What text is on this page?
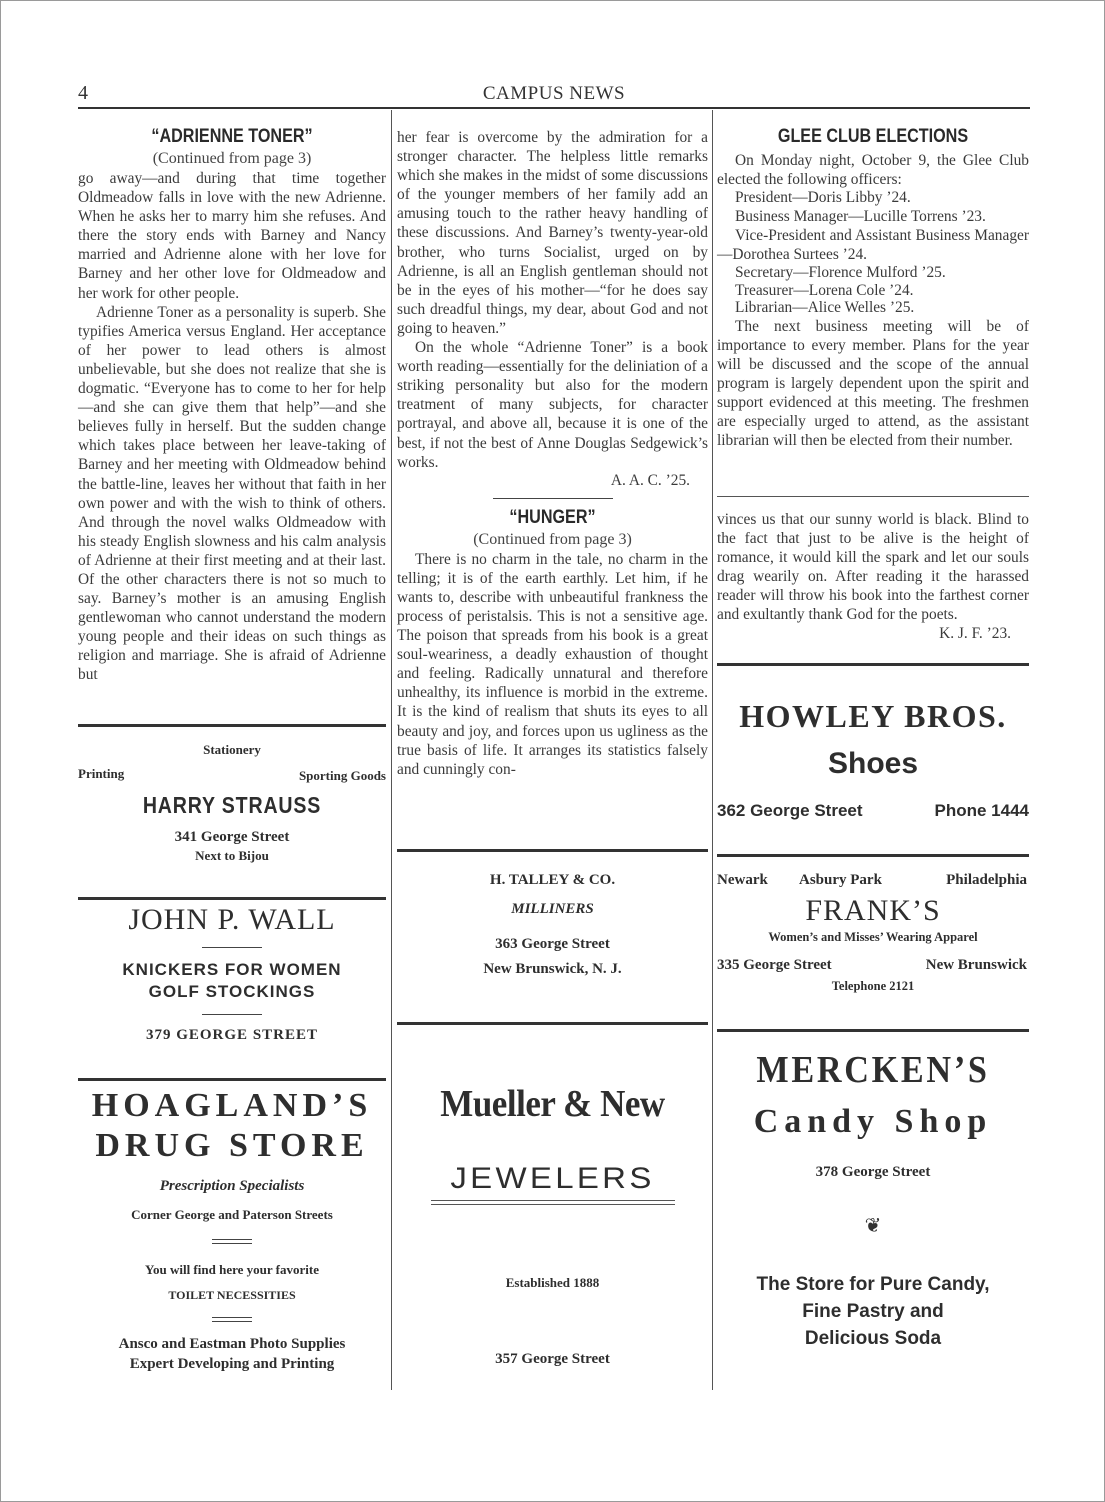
4	CAMPUS NEWS
“ADRIENNE TONER”
(Continued from page 3)

go away—and during that time together Oldmeadow falls in love with the new Adrienne. When he asks her to marry him she refuses. And there the story ends with Barney and Nancy married and Adrienne alone with her love for Barney and her other love for Oldmeadow and her work for other people.

Adrienne Toner as a personality is superb. She typifies America versus England. Her acceptance of her power to lead others is almost unbelievable, but she does not realize that she is dogmatic. “Everyone has to come to her for help—and she can give them that help”—and she believes fully in herself. But the sudden change which takes place between her leave-taking of Barney and her meeting with Oldmeadow behind the battle-line, leaves her without that faith in her own power and with the wish to think of others. And through the novel walks Oldmeadow with his steady English slowness and his calm analysis of Adrienne at their first meeting and at their last. Of the other characters there is not so much to say. Barney’s mother is an amusing English gentlewoman who cannot understand the modern young people and their ideas on such things as religion and marriage. She is afraid of Adrienne but

Stationery
Printing	Sporting Goods
HARRY STRAUSS
341 George Street
Next to Bijou
JOHN P. WALL
KNICKERS FOR WOMEN
GOLF STOCKINGS
379 GEORGE STREET
HOAGLAND’S
DRUG STORE
Prescription Specialists
Corner George and Paterson Streets
You will find here your favorite
TOILET NECESSITIES
Ansco and Eastman Photo Supplies
Expert Developing and Printing

her fear is overcome by the admiration for a stronger character. The helpless little remarks which she makes in the midst of some discussions of the younger members of her family add an amusing touch to the rather heavy handling of these discussions. And Barney’s twenty-year-old brother, who turns Socialist, urged on by Adrienne, is all an English gentleman should not be in the eyes of his mother—“for he does say such dreadful things, my dear, about God and not going to heaven.”

On the whole “Adrienne Toner” is a book worth reading—essentially for the deliniation of a striking personality but also for the modern treatment of many subjects, for character portrayal, and above all, because it is one of the best, if not the best of Anne Douglas Sedgewick’s works.

A. A. C. ’25.
“HUNGER”
(Continued from page 3)

There is no charm in the tale, no charm in the telling; it is of the earth earthly. Let him, if he wants to, describe with unbeautiful frankness the process of peristalsis. This is not a sensitive age. The poison that spreads from his book is a great soul-weariness, a deadly exhaustion of thought and feeling. Radically unnatural and therefore unhealthy, its influence is morbid in the extreme. It is the kind of realism that shuts its eyes to all beauty and joy, and forces upon us ugliness as the true basis of life. It arranges its statistics falsely and cunningly con-

H. TALLEY & CO.
MILLINERS
363 George Street
New Brunswick, N. J.
Mueller & New
JEWELERS
Established 1888
357 George Street
GLEE CLUB ELECTIONS

On Monday night, October 9, the Glee Club elected the following officers:

President—Doris Libby ’24.
Business Manager—Lucille Torrens ’23.
Vice-President and Assistant Business Manager—Dorothea Surtees ’24.
Secretary—Florence Mulford ’25.
Treasurer—Lorena Cole ’24.
Librarian—Alice Welles ’25.

The next business meeting will be of importance to every member. Plans for the year will be discussed and the scope of the annual program is largely dependent upon the spirit and support evidenced at this meeting. The freshmen are especially urged to attend, as the assistant librarian will then be elected from their number.

vinces us that our sunny world is black. Blind to the fact that just to be alive is the height of romance, it would kill the spark and let our souls drag wearily on. After reading it the harassed reader will throw his book into the farthest corner and exultantly thank God for the poets.

K. J. F. ’23.
HOWLEY BROS.
Shoes
362 George Street	Phone 1444
Newark Asbury Park	Philadelphia
FRANK’S
Women’s and Misses’ Wearing Apparel
335 George Street	New Brunswick
Telephone 2121
MERCKEN’S
Candy Shop
378 George Street
❦
The Store for Pure Candy,
Fine Pastry and
Delicious Soda
